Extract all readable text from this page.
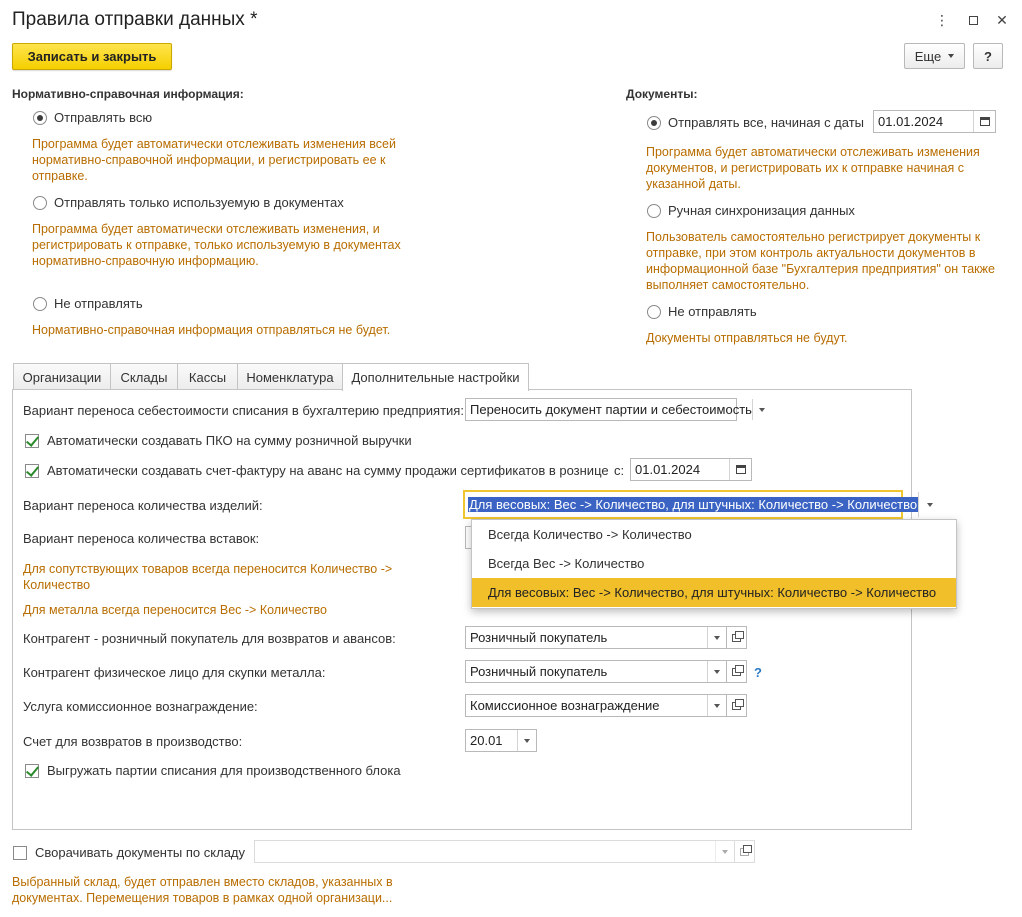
Правила отправки данных *	⋮	✕
Записать и закрыть	Еще	?
Нормативно-справочная информация:
Отправлять всю
Программа будет автоматически отслеживать изменения всей нормативно-справочной информации, и регистрировать ее к отправке.
Отправлять только используемую в документах
Программа будет автоматически отслеживать изменения, и регистрировать к отправке, только используемую в документах нормативно-справочную информацию.
Не отправлять
Нормативно-справочная информация отправляться не будет.
Документы:
Отправлять все, начиная с даты	01.01.2024
Программа будет автоматически отслеживать изменения документов, и регистрировать их к отправке начиная с указанной даты.
Ручная синхронизация данных
Пользователь самостоятельно регистрирует документы к отправке, при этом контроль актуальности документов в информационной базе "Бухгалтерия предприятия" он также выполняет самостоятельно.
Не отправлять
Документы отправляться не будут.
Организации	Склады	Кассы	Номенклатура	Дополнительные настройки
Вариант переноса себестоимости списания в бухгалтерию предприятия: Переносить документ партии и себестоимость
Автоматически создавать ПКО на сумму розничной выручки
Автоматически создавать счет-фактуру на аванс на сумму продажи сертификатов в рознице с: 01.01.2024
Вариант переноса количества изделий:	Для весовых: Вес -> Количество, для штучных: Количество -> Количество
Вариант переноса количества вставок:
Для сопутствующих товаров всегда переносится Количество -> Количество
Для металла всегда переносится Вес -> Количество
Контрагент - розничный покупатель для возвратов и авансов:	Розничный покупатель
Контрагент физическое лицо для скупки металла:	Розничный покупатель	?
Услуга комиссионное вознаграждение:	Комиссионное вознаграждение
Счет для возвратов в производство:	20.01
Выгружать партии списания для производственного блока
Всегда Количество -> Количество
Всегда Вес -> Количество
Для весовых: Вес -> Количество, для штучных: Количество -> Количество
Сворачивать документы по складу
Выбранный склад, будет отправлен вместо складов, указанных в документах. Перемещения товаров в рамках одной организаци...
